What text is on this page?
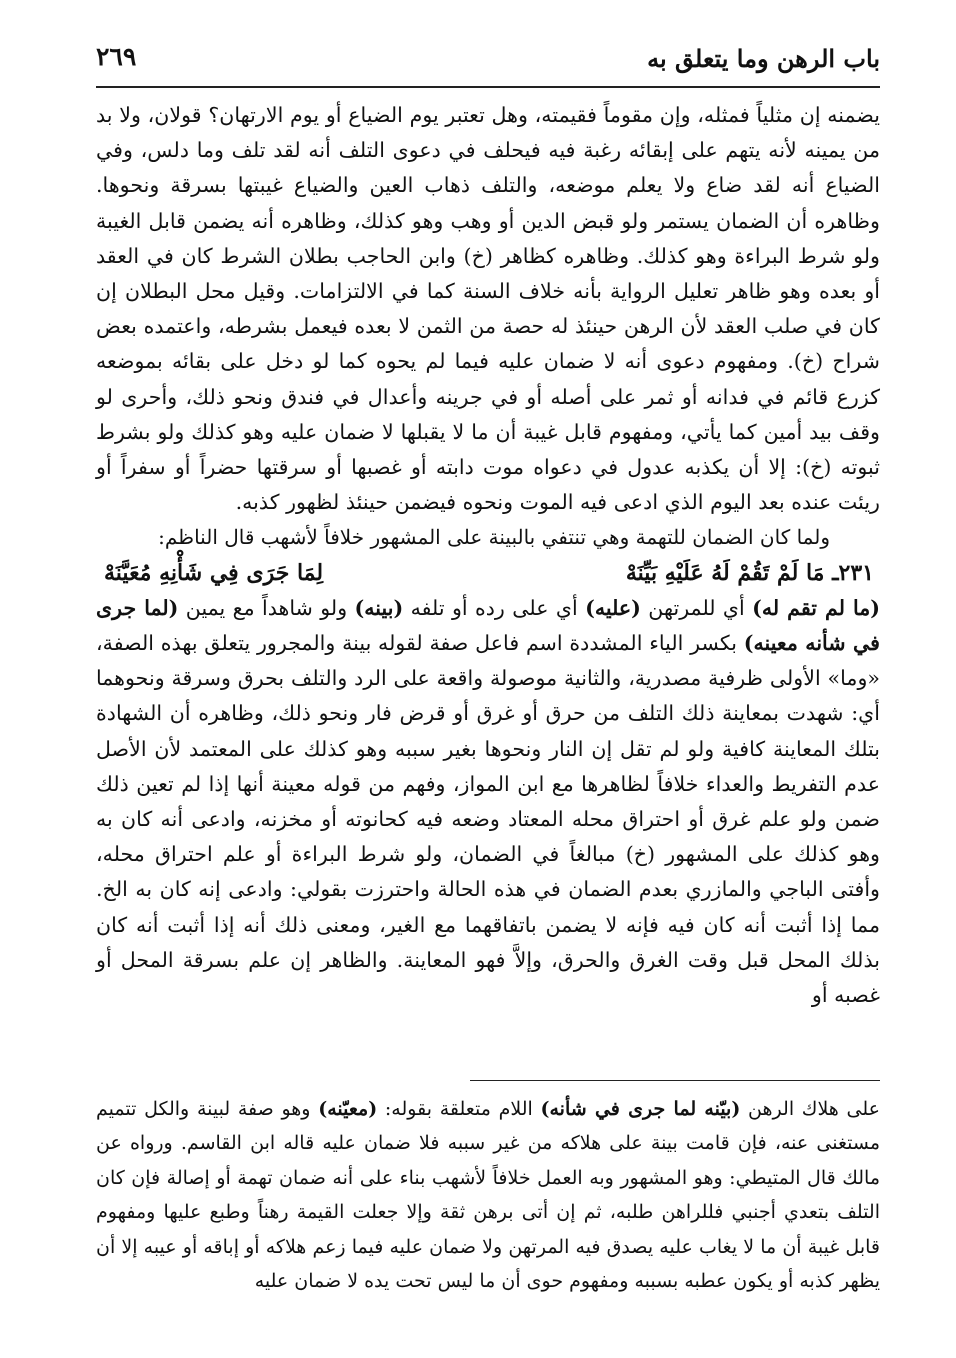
باب الرهن وما يتعلق به
٢٦٩

يضمنه إن مثلياً فمثله، وإن مقوماً فقيمته، وهل تعتبر يوم الضياع أو يوم الارتهان؟ قولان، ولا بد من يمينه لأنه يتهم على إبقائه رغبة فيه فيحلف في دعوى التلف أنه لقد تلف وما دلس، وفي الضياع أنه لقد ضاع ولا يعلم موضعه، والتلف ذهاب العين والضياع غيبتها بسرقة ونحوها. وظاهره أن الضمان يستمر ولو قبض الدين أو وهب وهو كذلك، وظاهره أنه يضمن قابل الغيبة ولو شرط البراءة وهو كذلك. وظاهره كظاهر (خ) وابن الحاجب بطلان الشرط كان في العقد أو بعده وهو ظاهر تعليل الرواية بأنه خلاف السنة كما في الالتزامات. وقيل محل البطلان إن كان في صلب العقد لأن الرهن حينئذ له حصة من الثمن لا بعده فيعمل بشرطه، واعتمده بعض شراح (خ). ومفهوم دعوى أنه لا ضمان عليه فيما لم يحوه كما لو دخل على بقائه بموضعه كزرع قائم في فدانه أو ثمر على أصله أو في جرينه وأعدال في فندق ونحو ذلك، وأحرى لو وقف بيد أمين كما يأتي، ومفهوم قابل غيبة أن ما لا يقبلها لا ضمان عليه وهو كذلك ولو بشرط ثبوته (خ): إلا أن يكذبه عدول في دعواه موت دابته أو غصبها أو سرقتها حضراً أو سفراً أو ريئت عنده بعد اليوم الذي ادعى فيه الموت ونحوه فيضمن حينئذ لظهور كذبه.

ولما كان الضمان للتهمة وهي تنتفي بالبينة على المشهور خلافاً لأشهب قال الناظم:

٢٣١ـ مَا لَمْ تَقُمْ لَهُ عَلَيْهِ بَيِّنَهْ
لِمَا جَرَى فِي شَأْنِهِ مُعَيَّنَهْ

(ما لم تقم له) أي للمرتهن (عليه) أي على رده أو تلفه (بينه) ولو شاهداً مع يمين (لما جرى في شأنه معينه) بكسر الياء المشددة اسم فاعل صفة لقوله بينة والمجرور يتعلق بهذه الصفة، «وما» الأولى ظرفية مصدرية، والثانية موصولة واقعة على الرد والتلف بحرق وسرقة ونحوهما أي: شهدت بمعاينة ذلك التلف من حرق أو غرق أو قرض فار ونحو ذلك، وظاهره أن الشهادة بتلك المعاينة كافية ولو لم تقل إن النار ونحوها بغير سببه وهو كذلك على المعتمد لأن الأصل عدم التفريط والعداء خلافاً لظاهرها مع ابن المواز، وفهم من قوله معينة أنها إذا لم تعين ذلك ضمن ولو علم غرق أو احتراق محله المعتاد وضعه فيه كحانوته أو مخزنه، وادعى أنه كان به وهو كذلك على المشهور (خ) مبالغاً في الضمان، ولو شرط البراءة أو علم احتراق محله، وأفتى الباجي والمازري بعدم الضمان في هذه الحالة واحترزت بقولي: وادعى إنه كان به الخ. مما إذا أثبت أنه كان فيه فإنه لا يضمن باتفاقهما مع الغير، ومعنى ذلك أنه إذا أثبت أنه كان بذلك المحل قبل وقت الغرق والحرق، وإلاَّ فهو المعاينة. والظاهر إن علم بسرقة المحل أو غصبه أو

على هلاك الرهن (بيّنه لما جرى في شأنه) اللام متعلقة بقوله: (معيّنه) وهو صفة لبينة والكل تتميم مستغنى عنه، فإن قامت بينة على هلاكه من غير سببه فلا ضمان عليه قاله ابن القاسم. ورواه عن مالك قال المتيطي: وهو المشهور وبه العمل خلافاً لأشهب بناء على أنه ضمان تهمة أو إصالة فإن كان التلف بتعدي أجنبي فللراهن طلبه، ثم إن أتى برهن ثقة وإلا جعلت القيمة رهناً وطبع عليها ومفهوم قابل غيبة أن ما لا يغاب عليه يصدق فيه المرتهن ولا ضمان عليه فيما زعم هلاكه أو إباقه أو عيبه إلا أن يظهر كذبه أو يكون عطبه بسببه ومفهوم حوى أن ما ليس تحت يده لا ضمان عليه
